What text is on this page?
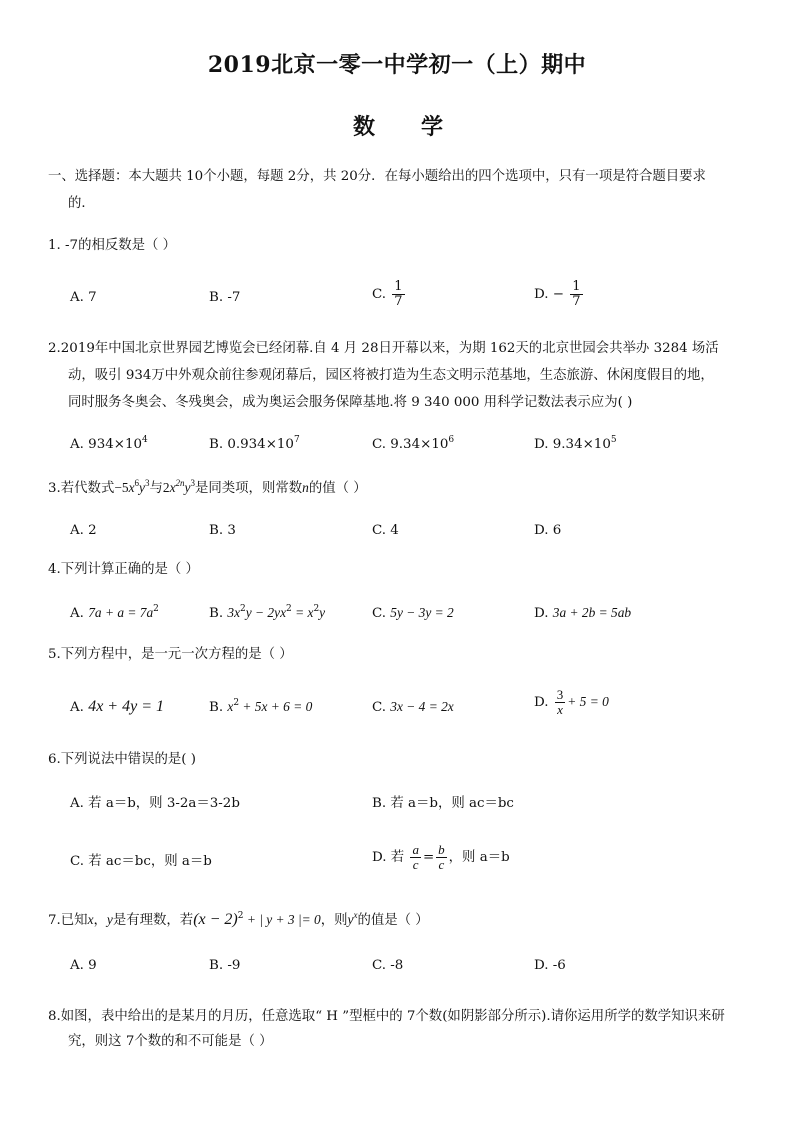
2019北京一零一中学初一（上）期中
数 学
一、选择题：本大题共 10个小题，每题 2分，共 20分．在每小题给出的四个选项中，只有一项是符合题目要求
的．
1. -7的相反数是（ ）
A. 7	B. -7	C. $\frac{1}{7}$	D. − $\frac{1}{7}$
2.2019年中国北京世界园艺博览会已经闭幕.自 4 月 28日开幕以来，为期 162天的北京世园会共举办 3284 场活
动，吸引 934万中外观众前往参观闭幕后，园区将被打造为生态文明示范基地，生态旅游、休闲度假目的地，
同时服务冬奥会、冬残奥会，成为奥运会服务保障基地.将 9 340 000 用科学记数法表示应为( )
A. $934\times 10^4$	B. $0.934\times 10^7$	C. $9.34\times 10^6$	D. $9.34\times 10^5$
3.若代数式$-5x^6y^3$与$2x^{2n}y^3$是同类项，则常数n的值（ ）
A. 2	B. 3	C. 4	D. 6
4.下列计算正确的是（ ）
A. $7a + a = 7a^2$	B. $3x^2y - 2yx^2 = x^2y$	C. 5y − 3y = 2	D. 3a + 2b = 5ab
5.下列方程中，是一元一次方程的是（ ）
A. 4x + 4y = 1	B. $x^2 + 5x + 6 = 0$	C. 3x − 4 = 2x	D. $\frac{3}{x} + 5 = 0$
6.下列说法中错误的是( )
A. 若 a＝b，则 3-2a＝3-2b	B. 若 a＝b，则 ac＝bc
C. 若 ac＝bc，则 a＝b	D. 若 $\frac{a}{c} = \frac{b}{c}$ ，则 a＝b
7.已知x，y是有理数，若$(x - 2)^2$ + | y + 3 |= 0，则$y^x$的值是（ ）
A. 9	B. -9	C. -8	D. -6
8.如图，表中给出的是某月的月历，任意选取“ H ”型框中的 7个数(如阴影部分所示).请你运用所学的数学知识来研
究，则这 7个数的和不可能是（ ）
